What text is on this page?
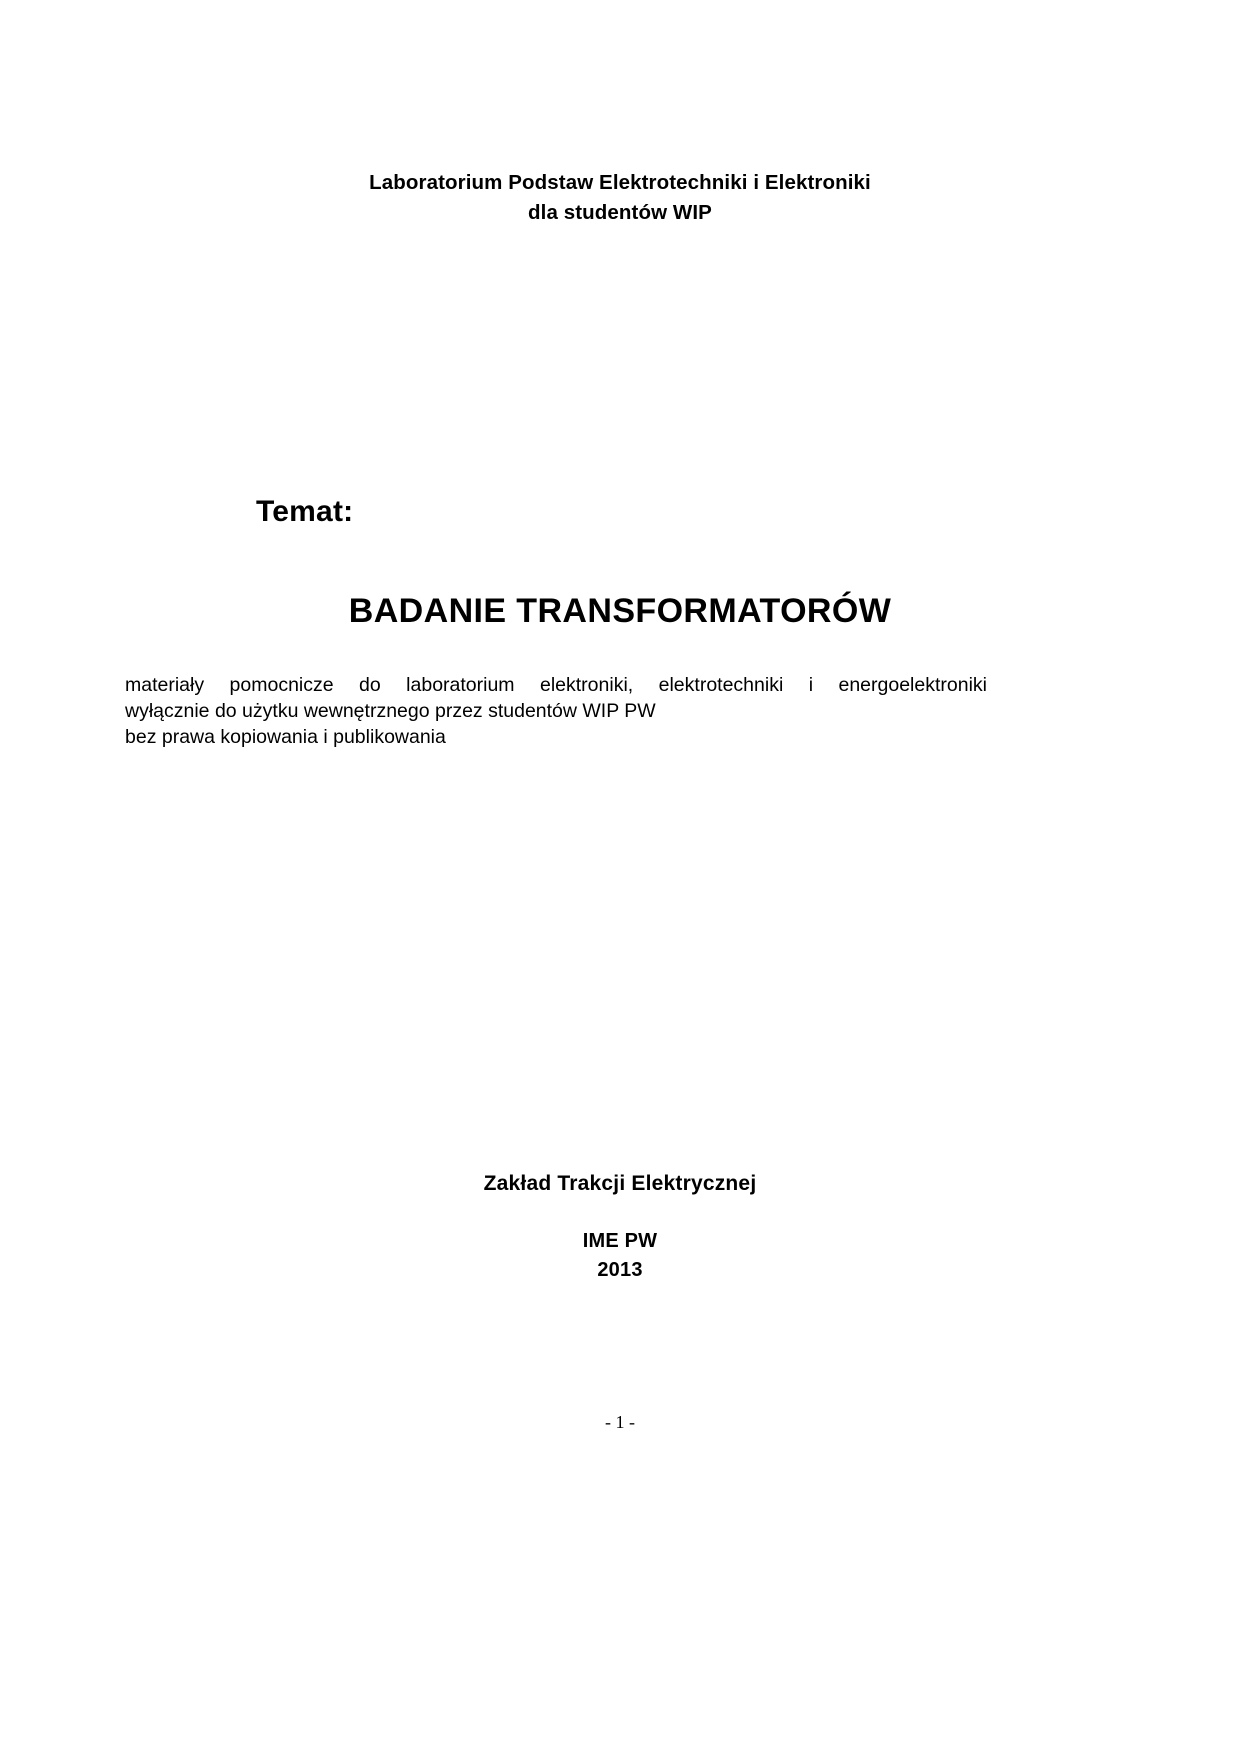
Laboratorium Podstaw Elektrotechniki i Elektroniki
dla studentów WIP
Temat:
BADANIE TRANSFORMATORÓW
materiały pomocnicze do laboratorium elektroniki, elektrotechniki i energoelektroniki
wyłącznie do użytku wewnętrznego przez studentów WIP PW
bez prawa kopiowania i publikowania
Zakład Trakcji Elektrycznej
IME PW
2013
- 1 -
